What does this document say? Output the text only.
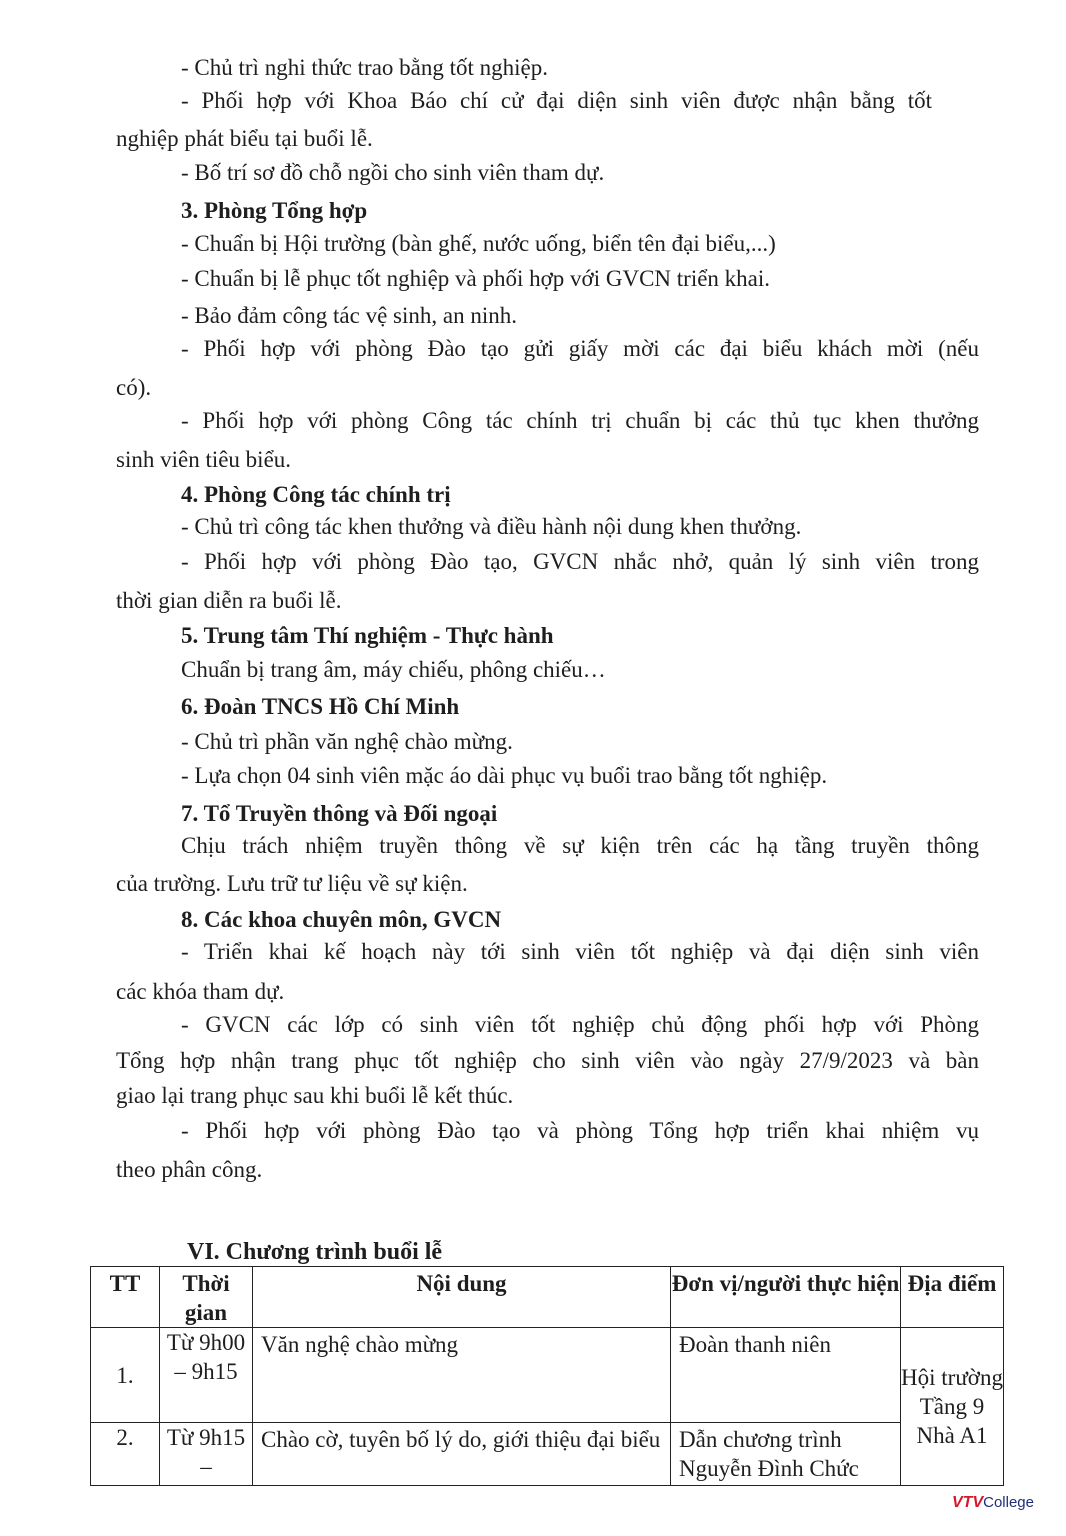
- Chủ trì nghi thức trao bằng tốt nghiệp.
- Phối hợp với Khoa Báo chí cử đại diện sinh viên được nhận bằng tốt
nghiệp phát biểu tại buổi lễ.
- Bố trí sơ đồ chỗ ngồi cho sinh viên tham dự.
3. Phòng Tổng hợp
- Chuẩn bị Hội trường (bàn ghế, nước uống, biển tên đại biểu,...)
- Chuẩn bị lễ phục tốt nghiệp và phối hợp với GVCN triển khai.
- Bảo đảm công tác vệ sinh, an ninh.
- Phối hợp với phòng Đào tạo gửi giấy mời các đại biểu khách mời (nếu
có).
- Phối hợp với phòng Công tác chính trị chuẩn bị các thủ tục khen thưởng
sinh viên tiêu biểu.
4. Phòng Công tác chính trị
- Chủ trì công tác khen thưởng và điều hành nội dung khen thưởng.
- Phối hợp với phòng Đào tạo, GVCN nhắc nhở, quản lý sinh viên trong
thời gian diễn ra buổi lễ.
5. Trung tâm Thí nghiệm - Thực hành
Chuẩn bị trang âm, máy chiếu, phông chiếu…
6. Đoàn TNCS Hồ Chí Minh
- Chủ trì phần văn nghệ chào mừng.
- Lựa chọn 04 sinh viên mặc áo dài phục vụ buổi trao bằng tốt nghiệp.
7. Tổ Truyền thông và Đối ngoại
Chịu trách nhiệm truyền thông về sự kiện trên các hạ tầng truyền thông
của trường. Lưu trữ tư liệu về sự kiện.
8. Các khoa chuyên môn, GVCN
- Triển khai kế hoạch này tới sinh viên tốt nghiệp và đại diện sinh viên
các khóa tham dự.
- GVCN các lớp có sinh viên tốt nghiệp chủ động phối hợp với Phòng
Tổng hợp nhận trang phục tốt nghiệp cho sinh viên vào ngày 27/9/2023 và bàn
giao lại trang phục sau khi buổi lễ kết thúc.
- Phối hợp với phòng Đào tạo và phòng Tổng hợp triển khai nhiệm vụ
theo phân công.
VI. Chương trình buổi lễ
TT	Thời gian	Nội dung	Đơn vị/người thực hiện	Địa điểm
1.	Từ 9h00 – 9h15	Văn nghệ chào mừng	Đoàn thanh niên	Hội trường Tầng 9 Nhà A1
2.	Từ 9h15 –	Chào cờ, tuyên bố lý do, giới thiệu đại biểu	Dẫn chương trình Nguyễn Đình Chức	
VTVCollege
